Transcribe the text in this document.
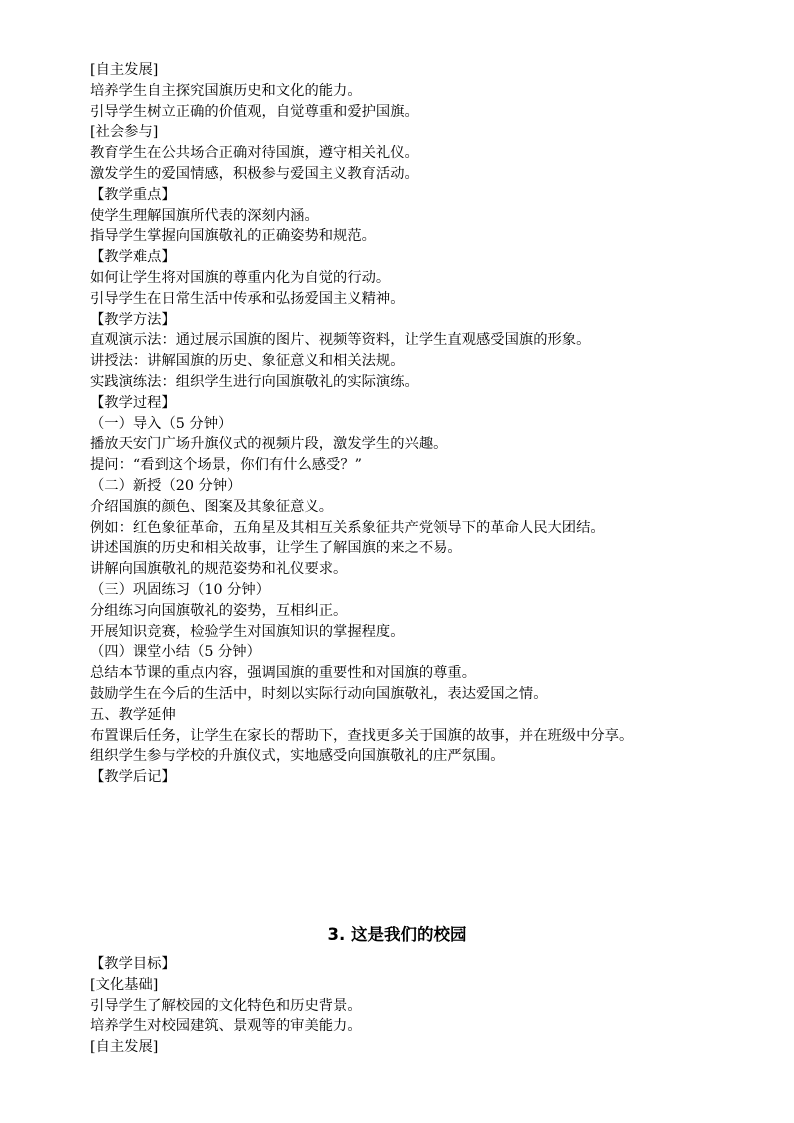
[自主发展]
培养学生自主探究国旗历史和文化的能力。
引导学生树立正确的价值观，自觉尊重和爱护国旗。
[社会参与]
教育学生在公共场合正确对待国旗，遵守相关礼仪。
激发学生的爱国情感，积极参与爱国主义教育活动。
【教学重点】
使学生理解国旗所代表的深刻内涵。
指导学生掌握向国旗敬礼的正确姿势和规范。
【教学难点】
如何让学生将对国旗的尊重内化为自觉的行动。
引导学生在日常生活中传承和弘扬爱国主义精神。
【教学方法】
直观演示法：通过展示国旗的图片、视频等资料，让学生直观感受国旗的形象。
讲授法：讲解国旗的历史、象征意义和相关法规。
实践演练法：组织学生进行向国旗敬礼的实际演练。
【教学过程】
（一）导入（5 分钟）
播放天安门广场升旗仪式的视频片段，激发学生的兴趣。
提问：“看到这个场景，你们有什么感受？”
（二）新授（20 分钟）
介绍国旗的颜色、图案及其象征意义。
例如：红色象征革命，五角星及其相互关系象征共产党领导下的革命人民大团结。
讲述国旗的历史和相关故事，让学生了解国旗的来之不易。
讲解向国旗敬礼的规范姿势和礼仪要求。
（三）巩固练习（10 分钟）
分组练习向国旗敬礼的姿势，互相纠正。
开展知识竞赛，检验学生对国旗知识的掌握程度。
（四）课堂小结（5 分钟）
总结本节课的重点内容，强调国旗的重要性和对国旗的尊重。
鼓励学生在今后的生活中，时刻以实际行动向国旗敬礼，表达爱国之情。
五、教学延伸
布置课后任务，让学生在家长的帮助下，查找更多关于国旗的故事，并在班级中分享。
组织学生参与学校的升旗仪式，实地感受向国旗敬礼的庄严氛围。
【教学后记】
3. 这是我们的校园
【教学目标】
[文化基础]
引导学生了解校园的文化特色和历史背景。
培养学生对校园建筑、景观等的审美能力。
[自主发展]
